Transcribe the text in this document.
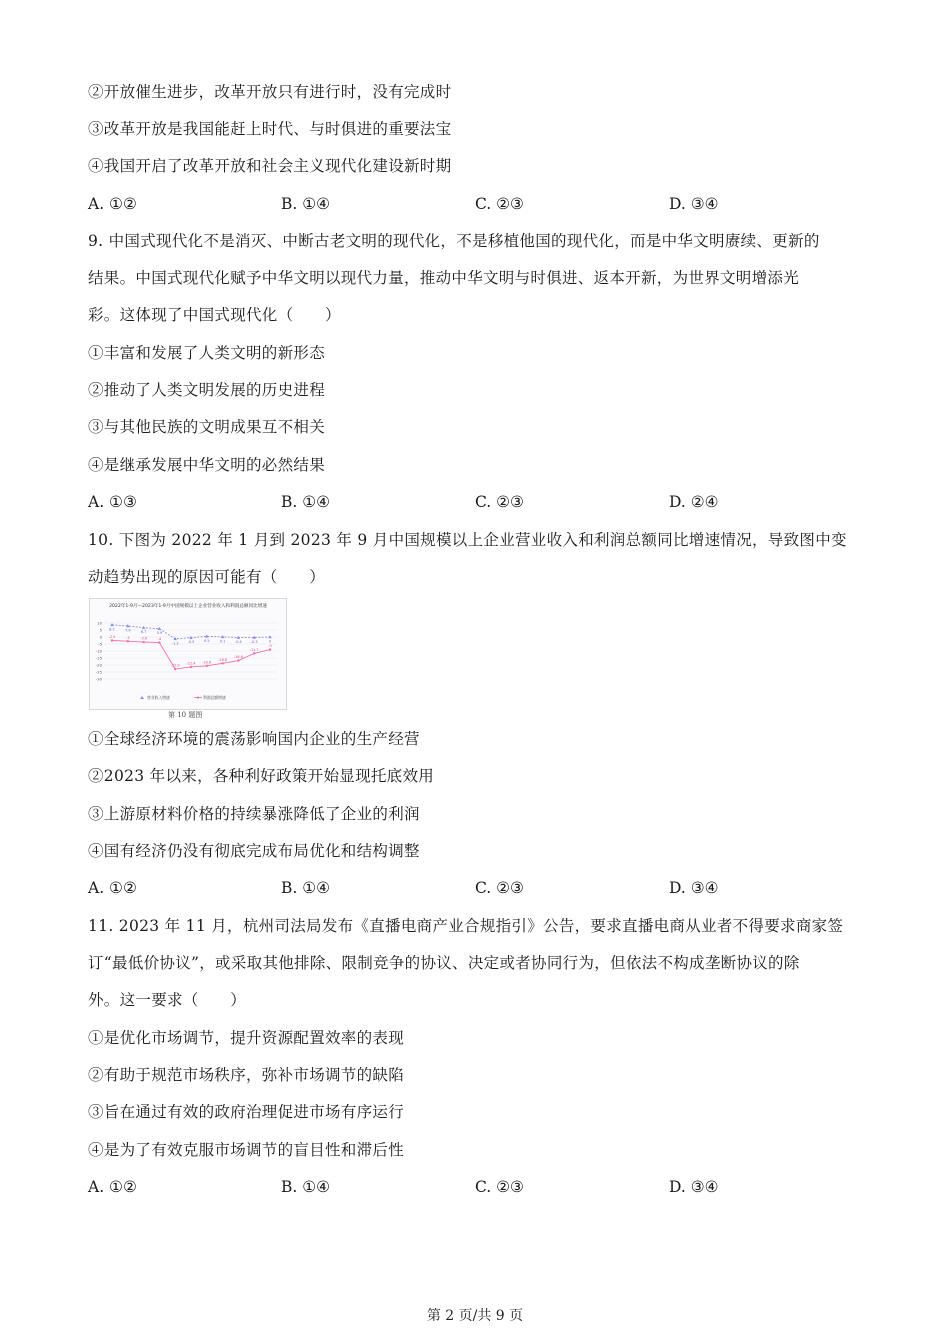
②开放催生进步，改革开放只有进行时，没有完成时
③改革开放是我国能赶上时代、与时俱进的重要法宝
④我国开启了改革开放和社会主义现代化建设新时期
A. ①②	B. ①④	C. ②③	D. ③④
9. 中国式现代化不是消灭、中断古老文明的现代化，不是移植他国的现代化，而是中华文明赓续、更新的
结果。中国式现代化赋予中华文明以现代力量，推动中华文明与时俱进、返本开新，为世界文明增添光
彩。这体现了中国式现代化（　　）
①丰富和发展了人类文明的新形态
②推动了人类文明发展的历史进程
③与其他民族的文明成果互不相关
④是继承发展中华文明的必然结果
A. ①③	B. ①④	C. ②③	D. ②④
10. 下图为 2022 年 1 月到 2023 年 9 月中国规模以上企业营业收入和利润总额同比增速情况，导致图中变
动趋势出现的原因可能有（　　）
2022年1-9月—2023年1-9月中国规模以上企业营业收入和利润总额同比增速
10
5
0
-5
-10
-15
-20
-25
-30
8.7	7.9	6.7	5.9
-1.3	-0.5	0.5	0.1	-0.4	-0.3	0
-2.5	-3	-3.6	-4
-22.9
-21.4 -20.6
-18.8
-16.8
-11.7
-9
营业收入增速	利润总额增速
第 10 题图
①全球经济环境的震荡影响国内企业的生产经营
②2023 年以来，各种利好政策开始显现托底效用
③上游原材料价格的持续暴涨降低了企业的利润
④国有经济仍没有彻底完成布局优化和结构调整
A. ①②	B. ①④	C. ②③	D. ③④
11. 2023 年 11 月，杭州司法局发布《直播电商产业合规指引》公告，要求直播电商从业者不得要求商家签
订“最低价协议”，或采取其他排除、限制竞争的协议、决定或者协同行为，但依法不构成垄断协议的除
外。这一要求（　　）
①是优化市场调节，提升资源配置效率的表现
②有助于规范市场秩序，弥补市场调节的缺陷
③旨在通过有效的政府治理促进市场有序运行
④是为了有效克服市场调节的盲目性和滞后性
A. ①②	B. ①④	C. ②③	D. ③④
第 2 页/共 9 页
